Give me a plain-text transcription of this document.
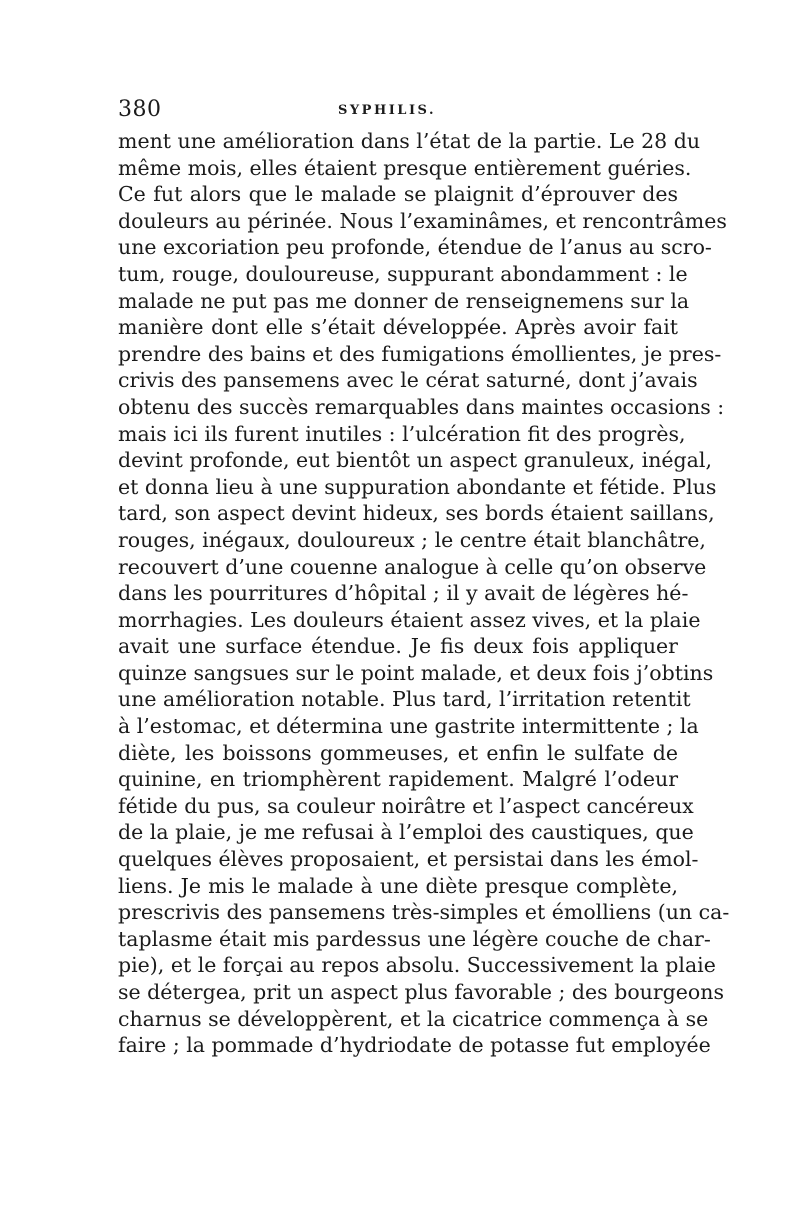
380	SYPHILIS.

ment une amélioration dans l’état de la partie. Le 28 du
même mois, elles étaient presque entièrement guéries.
Ce fut alors que le malade se plaignit d’éprouver des
douleurs au périnée. Nous l’examinâmes, et rencontrâmes
une excoriation peu profonde, étendue de l’anus au scro-
tum, rouge, douloureuse, suppurant abondamment : le
malade ne put pas me donner de renseignemens sur la
manière dont elle s’était développée. Après avoir fait
prendre des bains et des fumigations émollientes, je pres-
crivis des pansemens avec le cérat saturné, dont j’avais
obtenu des succès remarquables dans maintes occasions :
mais ici ils furent inutiles : l’ulcération fit des progrès,
devint profonde, eut bientôt un aspect granuleux, inégal,
et donna lieu à une suppuration abondante et fétide. Plus
tard, son aspect devint hideux, ses bords étaient saillans,
rouges, inégaux, douloureux ; le centre était blanchâtre,
recouvert d’une couenne analogue à celle qu’on observe
dans les pourritures d’hôpital ; il y avait de légères hé-
morrhagies. Les douleurs étaient assez vives, et la plaie
avait une surface étendue. Je fis deux fois appliquer
quinze sangsues sur le point malade, et deux fois j’obtins
une amélioration notable. Plus tard, l’irritation retentit
à l’estomac, et détermina une gastrite intermittente ; la
diète, les boissons gommeuses, et enfin le sulfate de
quinine, en triomphèrent rapidement. Malgré l’odeur
fétide du pus, sa couleur noirâtre et l’aspect cancéreux
de la plaie, je me refusai à l’emploi des caustiques, que
quelques élèves proposaient, et persistai dans les émol-
liens. Je mis le malade à une diète presque complète,
prescrivis des pansemens très-simples et émolliens (un ca-
taplasme était mis pardessus une légère couche de char-
pie), et le forçai au repos absolu. Successivement la plaie
se détergea, prit un aspect plus favorable ; des bourgeons
charnus se développèrent, et la cicatrice commença à se
faire ; la pommade d’hydriodate de potasse fut employée
